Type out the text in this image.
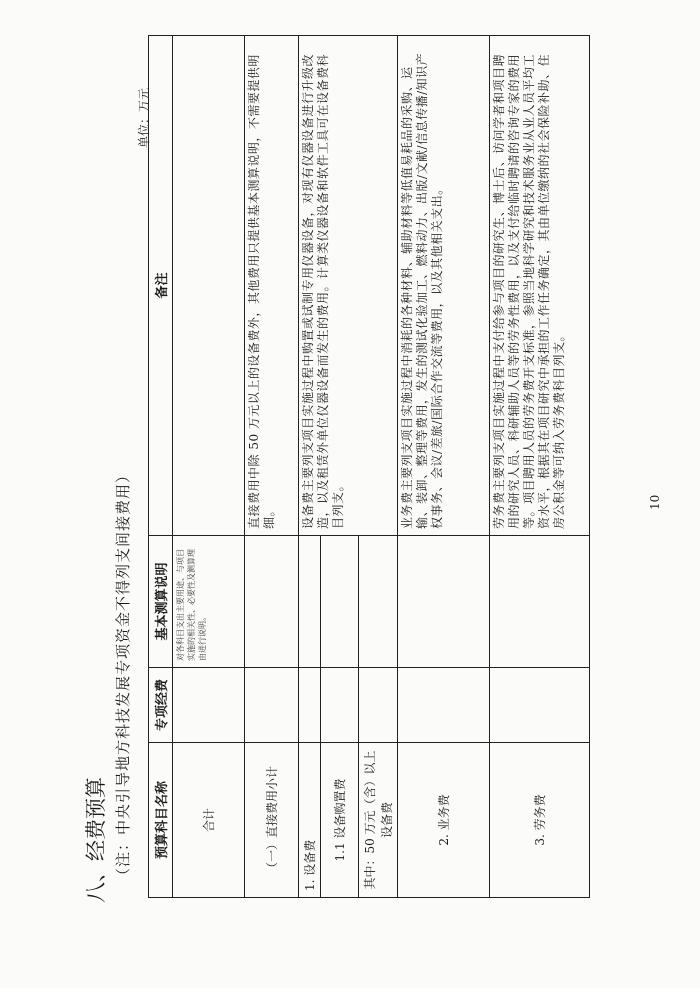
八、经费预算 （注：中央引导地方科技发展专项资金不得列支间接费用）
单位：万元
预算科目名称	专项经费	基本测算说明	备注
合计		对各科目支出主要用途、与项目实施的相关性、必要性及测算理由进行说明。	
（一）直接费用小计			直接费用中除 50 万元以上的设备费外，其他费用只提供基本测算说明，不需要提供明细。
1. 设备费			设备费主要列支项目实施过程中购置或试制专用仪器设备，对现有仪器设备进行升级改造，以及租赁外单位仪器设备而发生的费用。计算类仪器设备和软件工具可在设备费科目列支。
1.1 设备购置费			
其中：50 万元（含）以上设备费			
2. 业务费			业务费主要列支项目实施过程中消耗的各种材料、辅助材料等低值易耗品的采购、运输、装卸、整理等费用，发生的测试化验加工、燃料动力、出版/文献/信息传播/知识产权事务、会议/差旅/国际合作交流等费用，以及其他相关支出。
3. 劳务费			劳务费主要列支项目实施过程中支付给参与项目的研究生、博士后、访问学者和项目聘用的研究人员、科研辅助人员等的劳务性费用，以及支付给临时聘请的咨询专家的费用等。项目聘用人员的劳务费开支标准，参照当地科学研究和技术服务业从业人员平均工资水平，根据其在项目研究中承担的工作任务确定，其由单位缴纳的社会保险补助、住房公积金等可纳入劳务费科目列支。	10
